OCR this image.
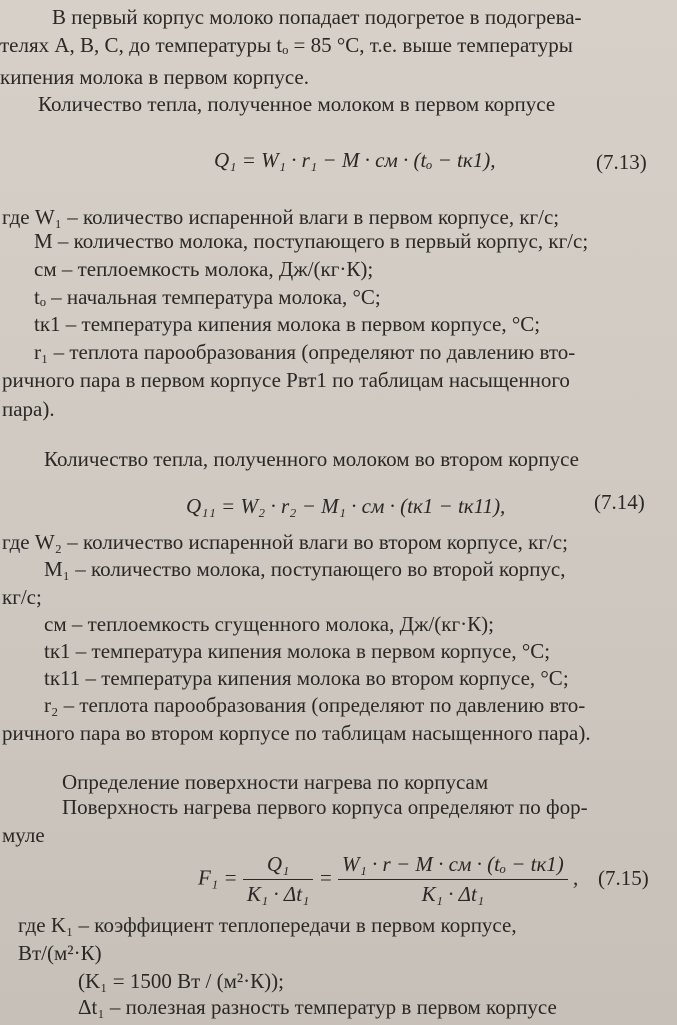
В первый корпус молоко попадает подогретое в подогрева-
телях A, B, C, до температуры tₒ = 85 °C, т.е. выше температуры
кипения молока в первом корпусе.
Количество тепла, полученное молоком в первом корпусе
где W₁ – количество испаренной влаги в первом корпусе, кг/с;
M – количество молока, поступающего в первый корпус, кг/с;
cм – теплоемкость молока, Дж/(кг·К);
tₒ – начальная температура молока, °C;
tк1 – температура кипения молока в первом корпусе, °C;
r₁ – теплота парообразования (определяют по давлению вто-
ричного пара в первом корпусе Pвт1 по таблицам насыщенного
пара).
Количество тепла, полученного молоком во втором корпусе
где W₂ – количество испаренной влаги во втором корпусе, кг/с;
M₁ – количество молока, поступающего во второй корпус,
кг/с;
cм – теплоемкость сгущенного молока, Дж/(кг·К);
tк1 – температура кипения молока в первом корпусе, °C;
tк11 – температура кипения молока во втором корпусе, °C;
r₂ – теплота парообразования (определяют по давлению вто-
ричного пара во втором корпусе по таблицам насыщенного пара).
Определение поверхности нагрева по корпусам
Поверхность нагрева первого корпуса определяют по фор-
муле
где K₁ – коэффициент теплопередачи в первом корпусе,
Вт/(м²·К)
(K₁ = 1500 Вт / (м²·К));
Δt₁ – полезная разность температур в первом корпусе
Q₁ = W₁ · r₁ − M · cм · (tₒ − tк1),	(7.13)
Q₁₁ = W₂ · r₂ − M₁ · cм · (tк1 − tк11),	(7.14)
$F_1 = \frac{\text{Q₁}}{\text{K₁ · Δt₁}} = \frac{\text{W₁ · r − M · cм · (tₒ − tк1)}}{\text{K₁ · Δt₁}}$ , (7.15)
